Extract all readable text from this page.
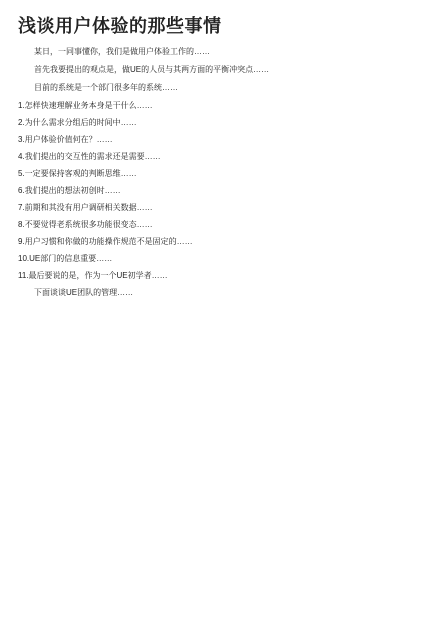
浅谈用户体验的那些事情

某日，一同事懂你，我们是做用户体验工作的……

首先我要提出的观点是，做UE的人员与其两方面的平衡冲突点……

目前的系统是一个部门很多年的系统……

1.怎样快速理解业务本身是干什么……
2.为什么需求分组后的时间中……
3.用户体验价值何在？……
4.我们提出的交互性的需求还是需要……
5.一定要保持客观的判断思维……
6.我们提出的想法初创时……
7.前期和其没有用户调研相关数据……
8.不要觉得老系统很多功能很变态……
9.用户习惯和你做的功能操作规范不是固定的……
10.UE部门的信息重要……
11.最后要说的是，作为一个UE初学者……

下面谈谈UE团队的管理……
